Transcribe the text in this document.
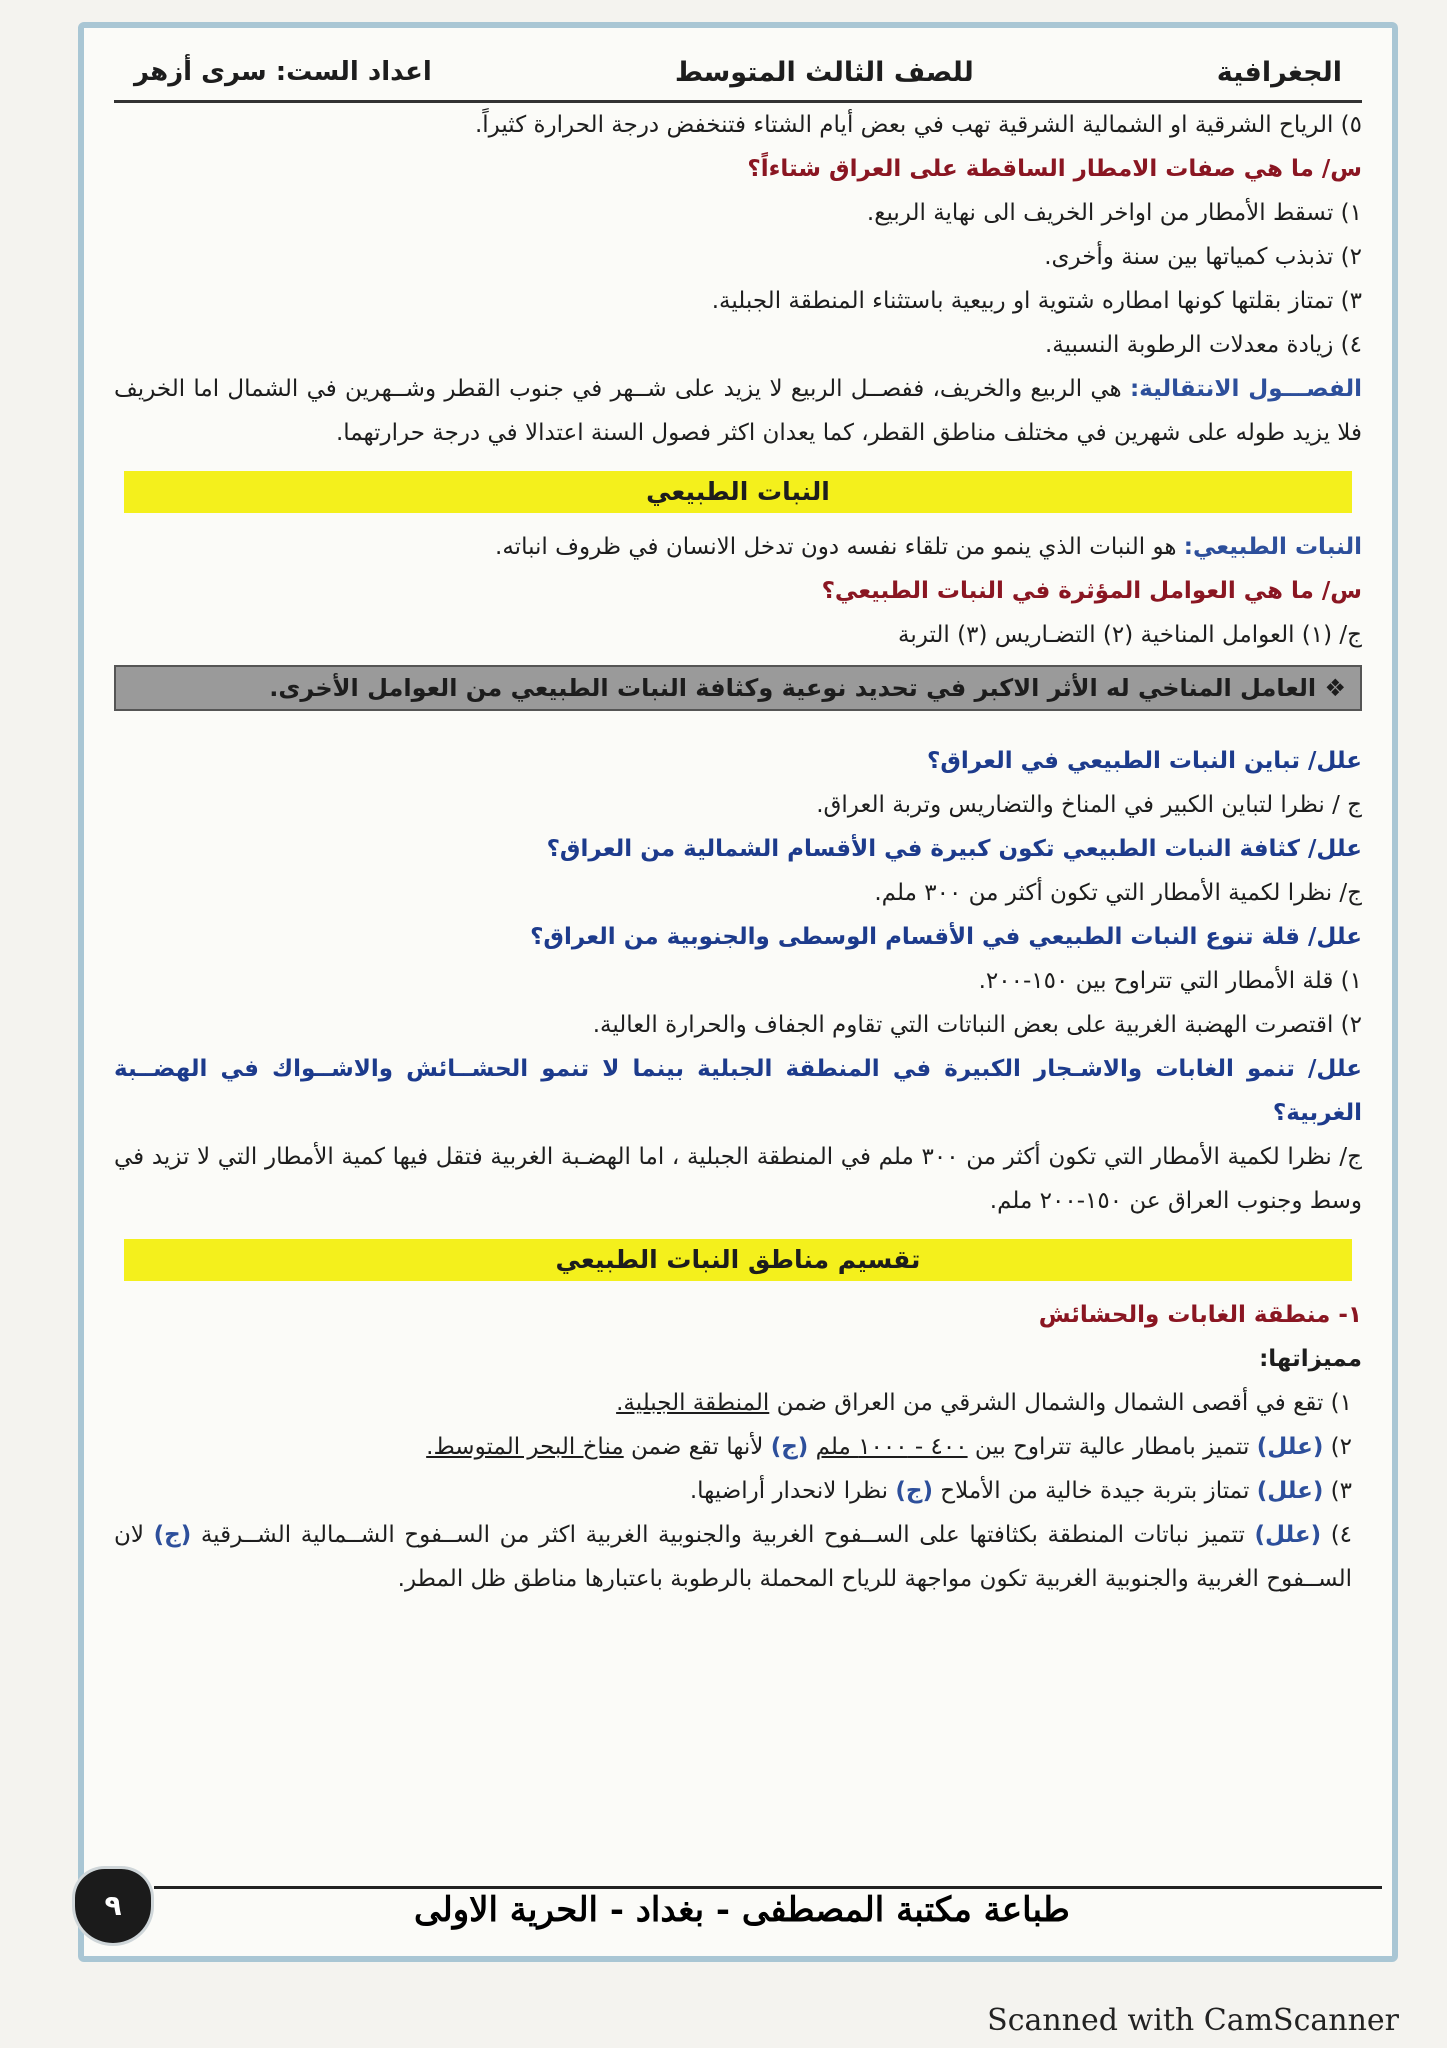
الجغرافية
للصف الثالث المتوسط
اعداد الست: سرى أزهر

٥) الرياح الشرقية او الشمالية الشرقية تهب في بعض أيام الشتاء فتنخفض درجة الحرارة كثيراً.

س/ ما هي صفات الامطار الساقطة على العراق شتاءاً؟

١) تسقط الأمطار من اواخر الخريف الى نهاية الربيع.

٢) تذبذب كمياتها بين سنة وأخرى.

٣) تمتاز بقلتها كونها امطاره شتوية او ربيعية باستثناء المنطقة الجبلية.

٤) زيادة معدلات الرطوبة النسبية.

الفصـــول الانتقالية: هي الربيع والخريف، ففصــل الربيع لا يزيد على شــهر في جنوب القطر وشــهرين في الشمال اما الخريف فلا يزيد طوله على شهرين في مختلف مناطق القطر، كما يعدان اكثر فصول السنة اعتدالا في درجة حرارتهما.

النبات الطبيعي

النبات الطبيعي: هو النبات الذي ينمو من تلقاء نفسه دون تدخل الانسان في ظروف انباته.

س/ ما هي العوامل المؤثرة في النبات الطبيعي؟

ج/ (١) العوامل المناخية (٢) التضـاريس (٣) التربة

❖ العامل المناخي له الأثر الاكبر في تحديد نوعية وكثافة النبات الطبيعي من العوامل الأخرى.

علل/ تباين النبات الطبيعي في العراق؟

ج / نظرا لتباين الكبير في المناخ والتضاريس وتربة العراق.

علل/ كثافة النبات الطبيعي تكون كبيرة في الأقسام الشمالية من العراق؟

ج/ نظرا لكمية الأمطار التي تكون أكثر من ٣٠٠ ملم.

علل/ قلة تنوع النبات الطبيعي في الأقسام الوسطى والجنوبية من العراق؟

١) قلة الأمطار التي تتراوح بين ١٥٠-٢٠٠.

٢) اقتصرت الهضبة الغربية على بعض النباتات التي تقاوم الجفاف والحرارة العالية.

علل/ تنمو الغابات والاشـجار الكبيرة في المنطقة الجبلية بينما لا تنمو الحشــائش والاشــواك في الهضــبة الغربية؟

ج/ نظرا لكمية الأمطار التي تكون أكثر من ٣٠٠ ملم في المنطقة الجبلية ، اما الهضـبة الغربية فتقل فيها كمية الأمطار التي لا تزيد في وسط وجنوب العراق عن ١٥٠-٢٠٠ ملم.

تقسيم مناطق النبات الطبيعي

١- منطقة الغابات والحشائش

مميزاتها:

١) تقع في أقصى الشمال والشمال الشرقي من العراق ضمن المنطقة الجبلية.

٢) (علل) تتميز بامطار عالية تتراوح بين ٤٠٠ - ١٠٠٠ ملم (ج) لأنها تقع ضمن مناخ البحر المتوسط.

٣) (علل) تمتاز بتربة جيدة خالية من الأملاح (ج) نظرا لانحدار أراضيها.

٤) (علل) تتميز نباتات المنطقة بكثافتها على الســفوح الغربية والجنوبية الغربية اكثر من الســفوح الشــمالية الشــرقية (ج) لان الســفوح الغربية والجنوبية الغربية تكون مواجهة للرياح المحملة بالرطوبة باعتبارها مناطق ظل المطر.

٩	طباعة مكتبة المصطفى - بغداد - الحرية الاولى
Scanned with CamScanner
